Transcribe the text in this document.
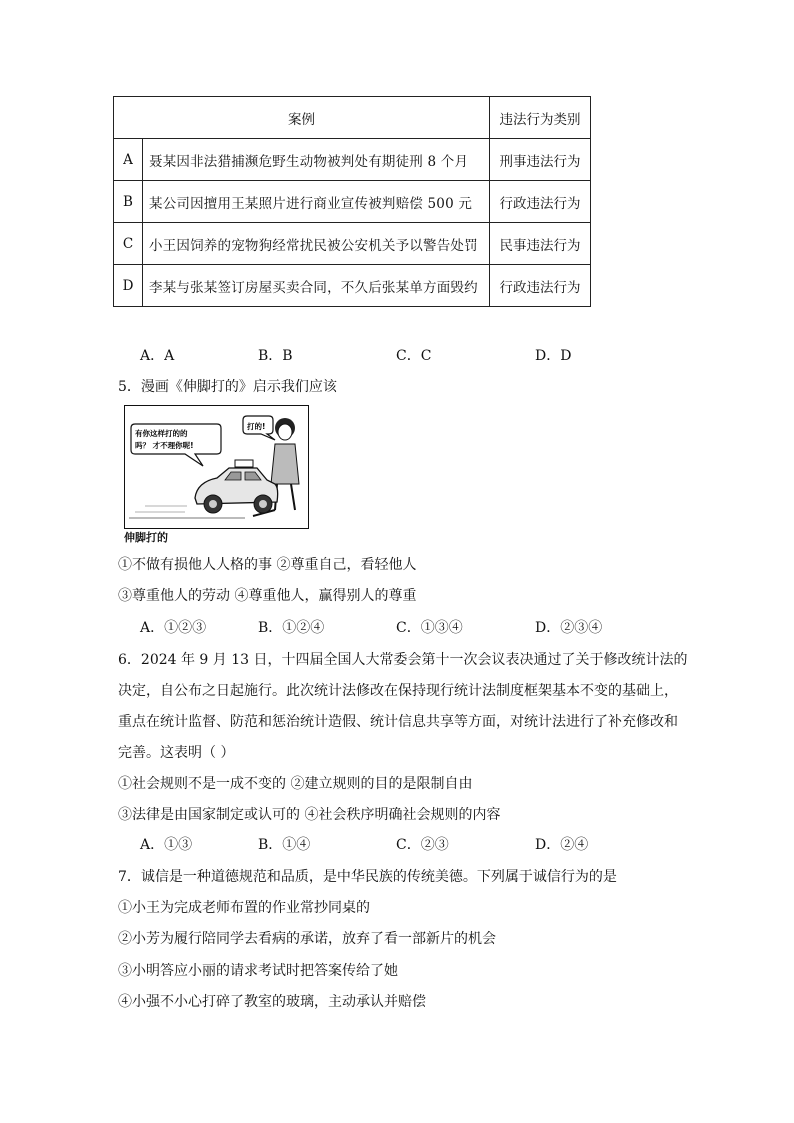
案例		违法行为类别
A	聂某因非法猎捕濒危野生动物被判处有期徒刑 8 个月	刑事违法行为
B	某公司因擅用王某照片进行商业宣传被判赔偿 500 元	行政违法行为
C	小王因饲养的宠物狗经常扰民被公安机关予以警告处罚	民事违法行为
D	李某与张某签订房屋买卖合同，不久后张某单方面毁约	行政违法行为
A．A	B．B	C．C	D．D
5．漫画《伸脚打的》启示我们应该
有你这样打的的
吗？ 才不理你呢!
打的!
伸脚打的
①不做有损他人人格的事 ②尊重自己，看轻他人
③尊重他人的劳动 ④尊重他人，赢得别人的尊重
A．①②③	B．①②④	C．①③④	D．②③④
6．2024 年 9 月 13 日，十四届全国人大常委会第十一次会议表决通过了关于修改统计法的
决定，自公布之日起施行。此次统计法修改在保持现行统计法制度框架基本不变的基础上，
重点在统计监督、防范和惩治统计造假、统计信息共享等方面，对统计法进行了补充修改和
完善。这表明（ ）
①社会规则不是一成不变的 ②建立规则的目的是限制自由
③法律是由国家制定或认可的 ④社会秩序明确社会规则的内容
A．①③	B．①④	C．②③	D．②④
7．诚信是一种道德规范和品质，是中华民族的传统美德。下列属于诚信行为的是
①小王为完成老师布置的作业常抄同桌的
②小芳为履行陪同学去看病的承诺，放弃了看一部新片的机会
③小明答应小丽的请求考试时把答案传给了她
④小强不小心打碎了教室的玻璃，主动承认并赔偿
